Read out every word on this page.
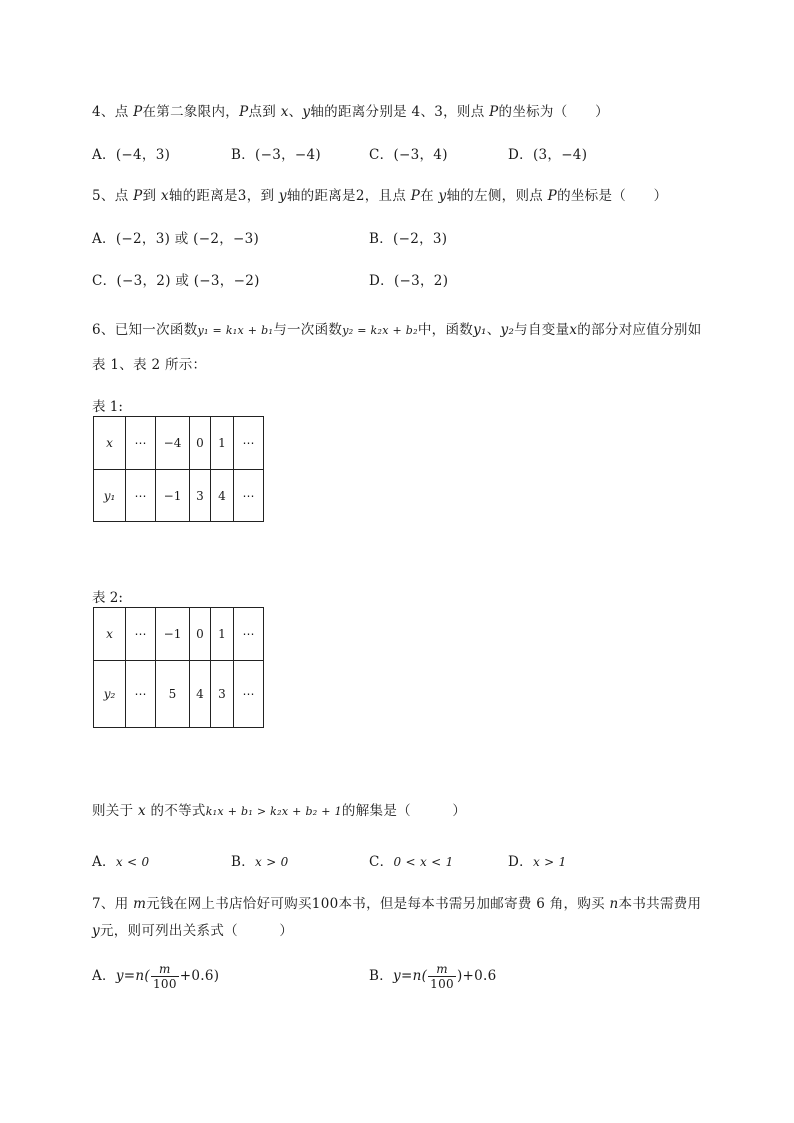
4、点 P在第二象限内，P点到 x、y轴的距离分别是 4、3，则点 P的坐标为（　　）
A．(−4，3)	B．(−3，−4)	C．(−3，4)	D．(3，−4)
5、点 P到 x轴的距离是3，到 y轴的距离是2，且点 P在 y轴的左侧，则点 P的坐标是（　　）
A．(−2，3) 或 (−2，−3)	B．(−2，3)
C．(−3，2) 或 (−3，−2)	D．(−3，2)
6、已知一次函数y₁ = k₁x + b₁与一次函数y₂ = k₂x + b₂中，函数y₁、y₂与自变量x的部分对应值分别如
表 1、表 2 所示：
表 1:
x	⋯	−4	0	1	⋯
y₁	⋯	−1	3	4	⋯
表 2:
x	⋯	−1	0	1	⋯
y₂	⋯	5	4	3	⋯
则关于 x 的不等式k₁x + b₁ > k₂x + b₂ + 1的解集是（　　　）
A．x < 0	B．x > 0	C．0 < x < 1	D．x > 1
7、用 m元钱在网上书店恰好可购买100本书，但是每本书需另加邮寄费 6 角，购买 n本书共需费用
y元，则可列出关系式（　　　）
A．$y=n( \frac{m}{100} +0.6)$	B．$y=n( \frac{m}{100} )+0.6$
